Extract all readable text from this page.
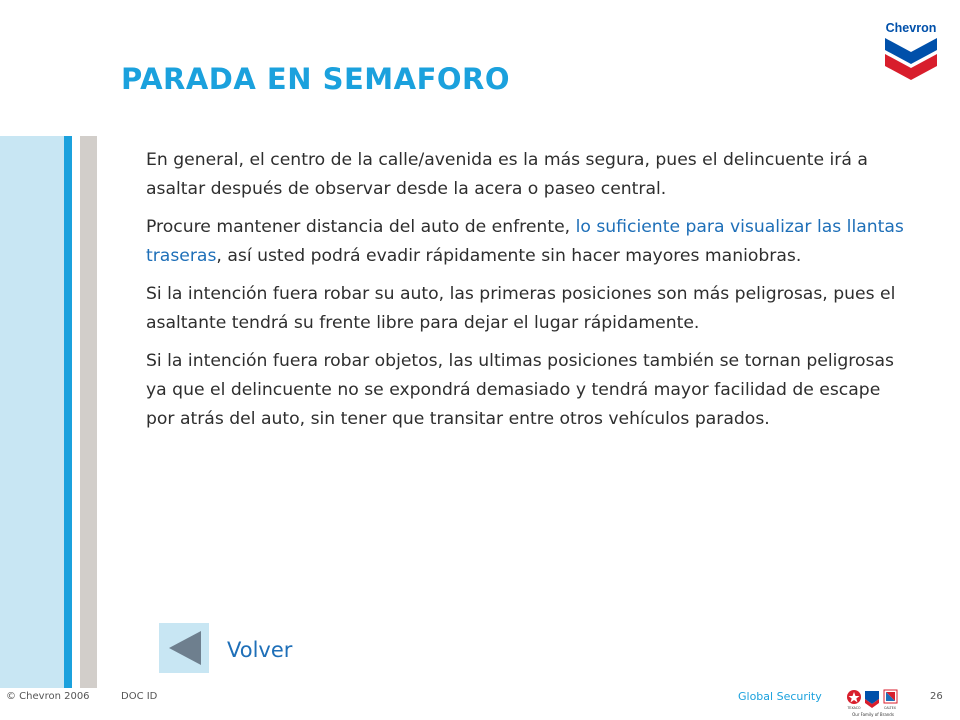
PARADA EN SEMAFORO
Chevron

En general, el centro de la calle/avenida es la más segura, pues el delincuente irá a asaltar después de observar desde la acera o paseo central.

Procure mantener distancia del auto de enfrente, lo suficiente para visualizar las llantas traseras, así usted podrá evadir rápidamente sin hacer mayores maniobras.

Si la intención fuera robar su auto, las primeras posiciones son más peligrosas, pues el asaltante tendrá su frente libre para dejar el lugar rápidamente.

Si la intención fuera robar objetos, las ultimas posiciones también se tornan peligrosas ya que el delincuente no se expondrá demasiado y tendrá mayor facilidad de escape por atrás del auto, sin tener que transitar entre otros vehículos parados.

Volver
© Chevron 2006	DOC ID	Global Security
TEXACO	CALTEX
Our Family of Brands
26
